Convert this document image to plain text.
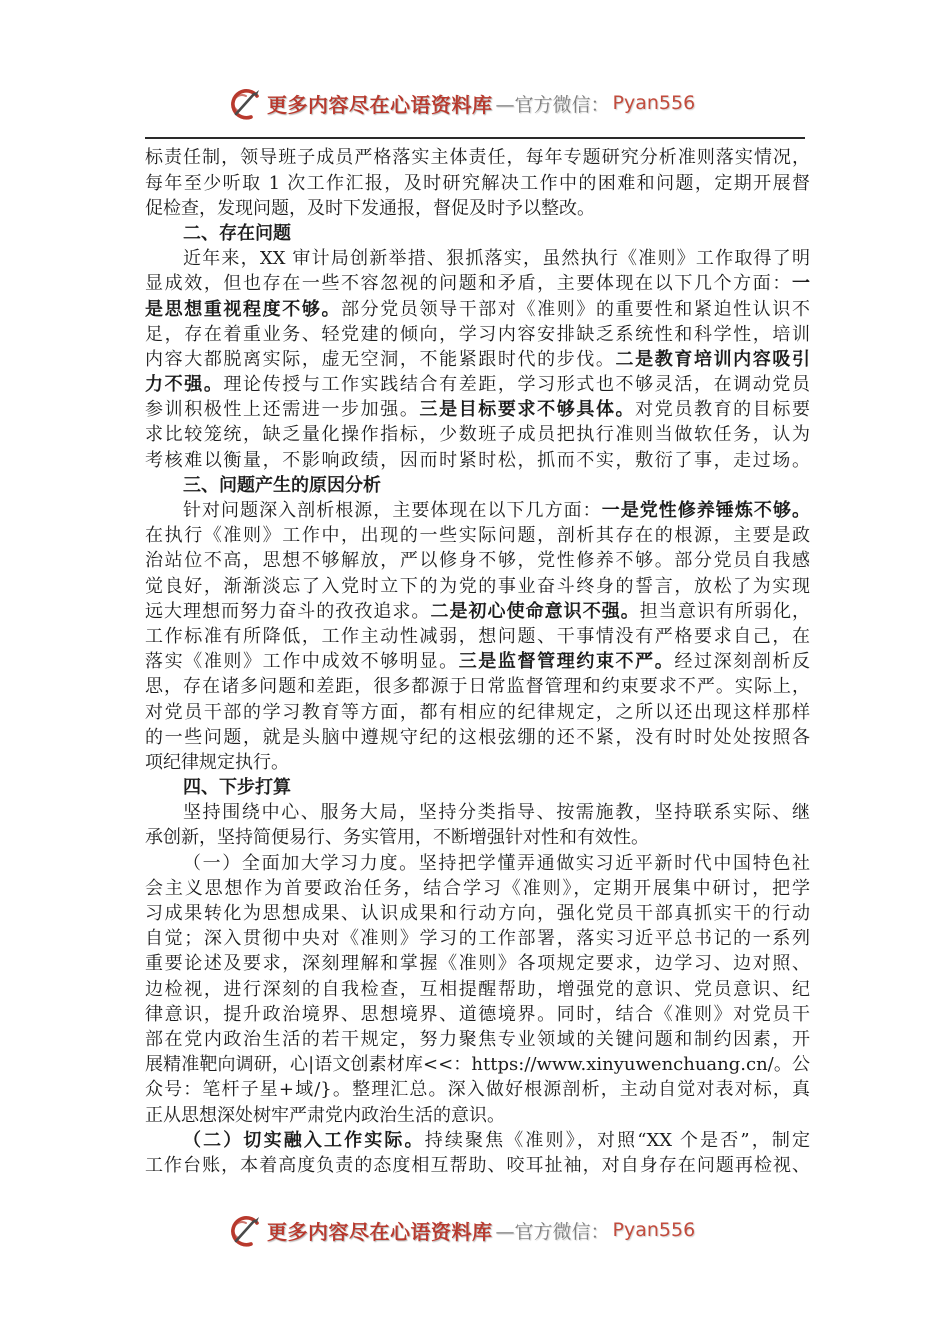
更多内容尽在心语资料库 —官方微信： Pyan556
标责任制，领导班子成员严格落实主体责任，每年专题研究分析准则落实情况，
每年至少听取 1 次工作汇报，及时研究解决工作中的困难和问题，定期开展督
促检查，发现问题，及时下发通报，督促及时予以整改。
二、存在问题
近年来，XX 审计局创新举措、狠抓落实，虽然执行《准则》工作取得了明
显成效，但也存在一些不容忽视的问题和矛盾，主要体现在以下几个方面：一
是思想重视程度不够。部分党员领导干部对《准则》的重要性和紧迫性认识不
足，存在着重业务、轻党建的倾向，学习内容安排缺乏系统性和科学性，培训
内容大都脱离实际，虚无空洞，不能紧跟时代的步伐。二是教育培训内容吸引
力不强。理论传授与工作实践结合有差距，学习形式也不够灵活，在调动党员
参训积极性上还需进一步加强。三是目标要求不够具体。对党员教育的目标要
求比较笼统，缺乏量化操作指标，少数班子成员把执行准则当做软任务，认为
考核难以衡量，不影响政绩，因而时紧时松，抓而不实，敷衍了事，走过场。
三、问题产生的原因分析
针对问题深入剖析根源，主要体现在以下几方面：一是党性修养锤炼不够。
在执行《准则》工作中，出现的一些实际问题，剖析其存在的根源，主要是政
治站位不高，思想不够解放，严以修身不够，党性修养不够。部分党员自我感
觉良好，渐渐淡忘了入党时立下的为党的事业奋斗终身的誓言，放松了为实现
远大理想而努力奋斗的孜孜追求。二是初心使命意识不强。担当意识有所弱化，
工作标准有所降低，工作主动性减弱，想问题、干事情没有严格要求自己，在
落实《准则》工作中成效不够明显。三是监督管理约束不严。经过深刻剖析反
思，存在诸多问题和差距，很多都源于日常监督管理和约束要求不严。实际上，
对党员干部的学习教育等方面，都有相应的纪律规定，之所以还出现这样那样
的一些问题，就是头脑中遵规守纪的这根弦绷的还不紧，没有时时处处按照各
项纪律规定执行。
四、下步打算
坚持围绕中心、服务大局，坚持分类指导、按需施教，坚持联系实际、继
承创新，坚持简便易行、务实管用，不断增强针对性和有效性。
（一）全面加大学习力度。坚持把学懂弄通做实习近平新时代中国特色社
会主义思想作为首要政治任务，结合学习《准则》，定期开展集中研讨，把学
习成果转化为思想成果、认识成果和行动方向，强化党员干部真抓实干的行动
自觉；深入贯彻中央对《准则》学习的工作部署，落实习近平总书记的一系列
重要论述及要求，深刻理解和掌握《准则》各项规定要求，边学习、边对照、
边检视，进行深刻的自我检查，互相提醒帮助，增强党的意识、党员意识、纪
律意识，提升政治境界、思想境界、道德境界。同时，结合《准则》对党员干
部在党内政治生活的若干规定，努力聚焦专业领域的关键问题和制约因素，开
展精准靶向调研，心|语文创素材库<<：https://www.xinyuwenchuang.cn/。公
众号：笔杆子星+域/}。整理汇总。深入做好根源剖析，主动自觉对表对标，真
正从思想深处树牢严肃党内政治生活的意识。
（二）切实融入工作实际。持续聚焦《准则》，对照“XX 个是否”，制定
工作台账，本着高度负责的态度相互帮助、咬耳扯袖，对自身存在问题再检视、
更多内容尽在心语资料库 —官方微信： Pyan556
